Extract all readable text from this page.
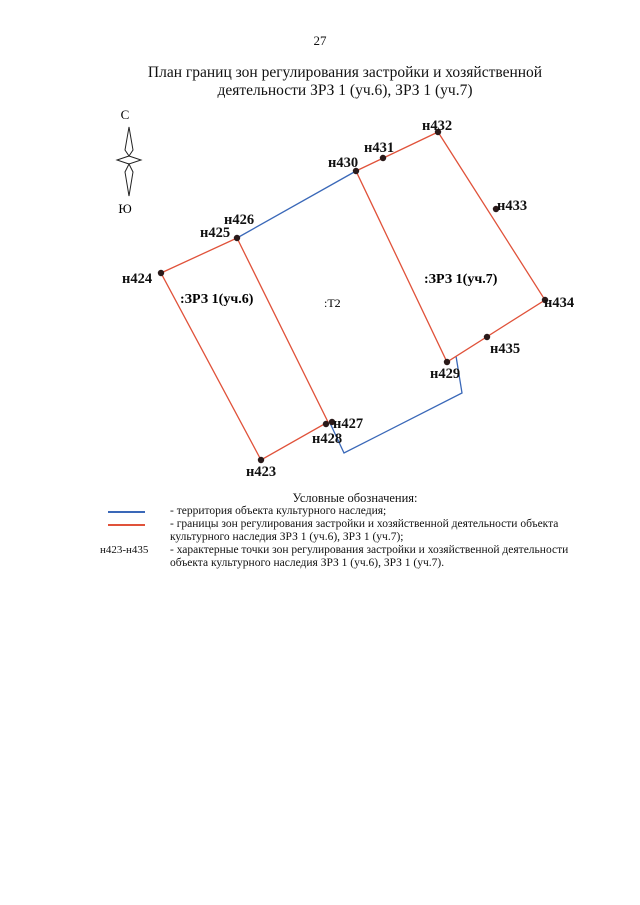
27
План границ зон регулирования застройки и хозяйственной
деятельности ЗРЗ 1 (уч.6), ЗРЗ 1 (уч.7)
С
Ю
н423
н424
н425
н426
н427
н428
н429
н430
н431
н432
н433
н434
н435
:ЗРЗ 1(уч.6)
:ЗРЗ 1(уч.7)
:Т2
Условные обозначения:
- территория объекта культурного наследия;
- границы зон регулирования застройки и хозяйственной деятельности объекта культурного наследия ЗРЗ 1 (уч.6), ЗРЗ 1 (уч.7);
н423-н435 - характерные точки зон регулирования застройки и хозяйственной деятельности объекта культурного наследия ЗРЗ 1 (уч.6), ЗРЗ 1 (уч.7).
